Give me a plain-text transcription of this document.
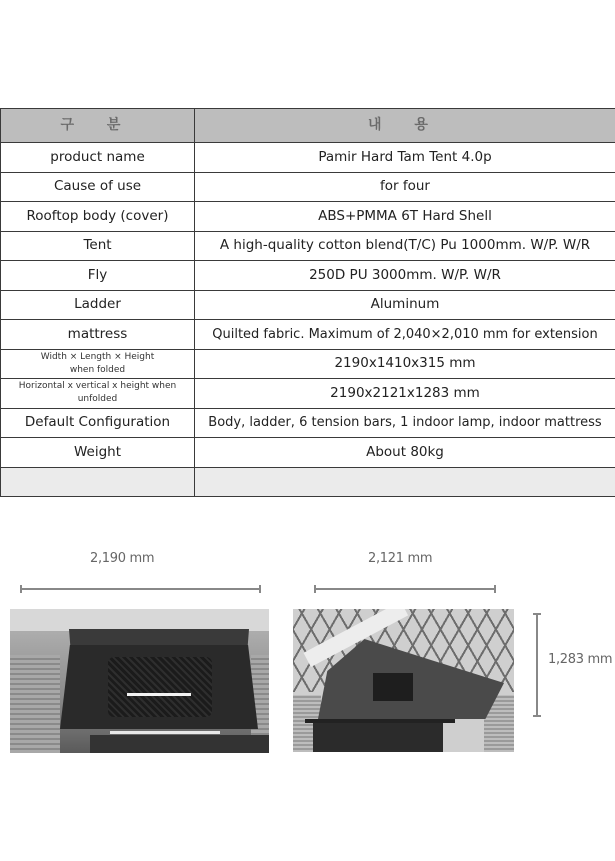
구 분	내 용
product name	Pamir Hard Tam Tent 4.0p
Cause of use	for four
Rooftop body (cover)	ABS+PMMA 6T Hard Shell
Tent	A high-quality cotton blend(T/C) Pu 1000mm. W/P. W/R
Fly	250D PU 3000mm. W/P. W/R
Ladder	Aluminum
mattress	Quilted fabric. Maximum of 2,040×2,010 mm for extension

Width × Length × Height
when folded	2190x1410x315 mm

Horizontal x vertical x height when
unfolded	2190x2121x1283 mm
Default Configuration	Body, ladder, 6 tension bars, 1 indoor lamp, indoor mattress
Weight	About 80kg

2,190 mm	2,121 mm
1,283 mm
